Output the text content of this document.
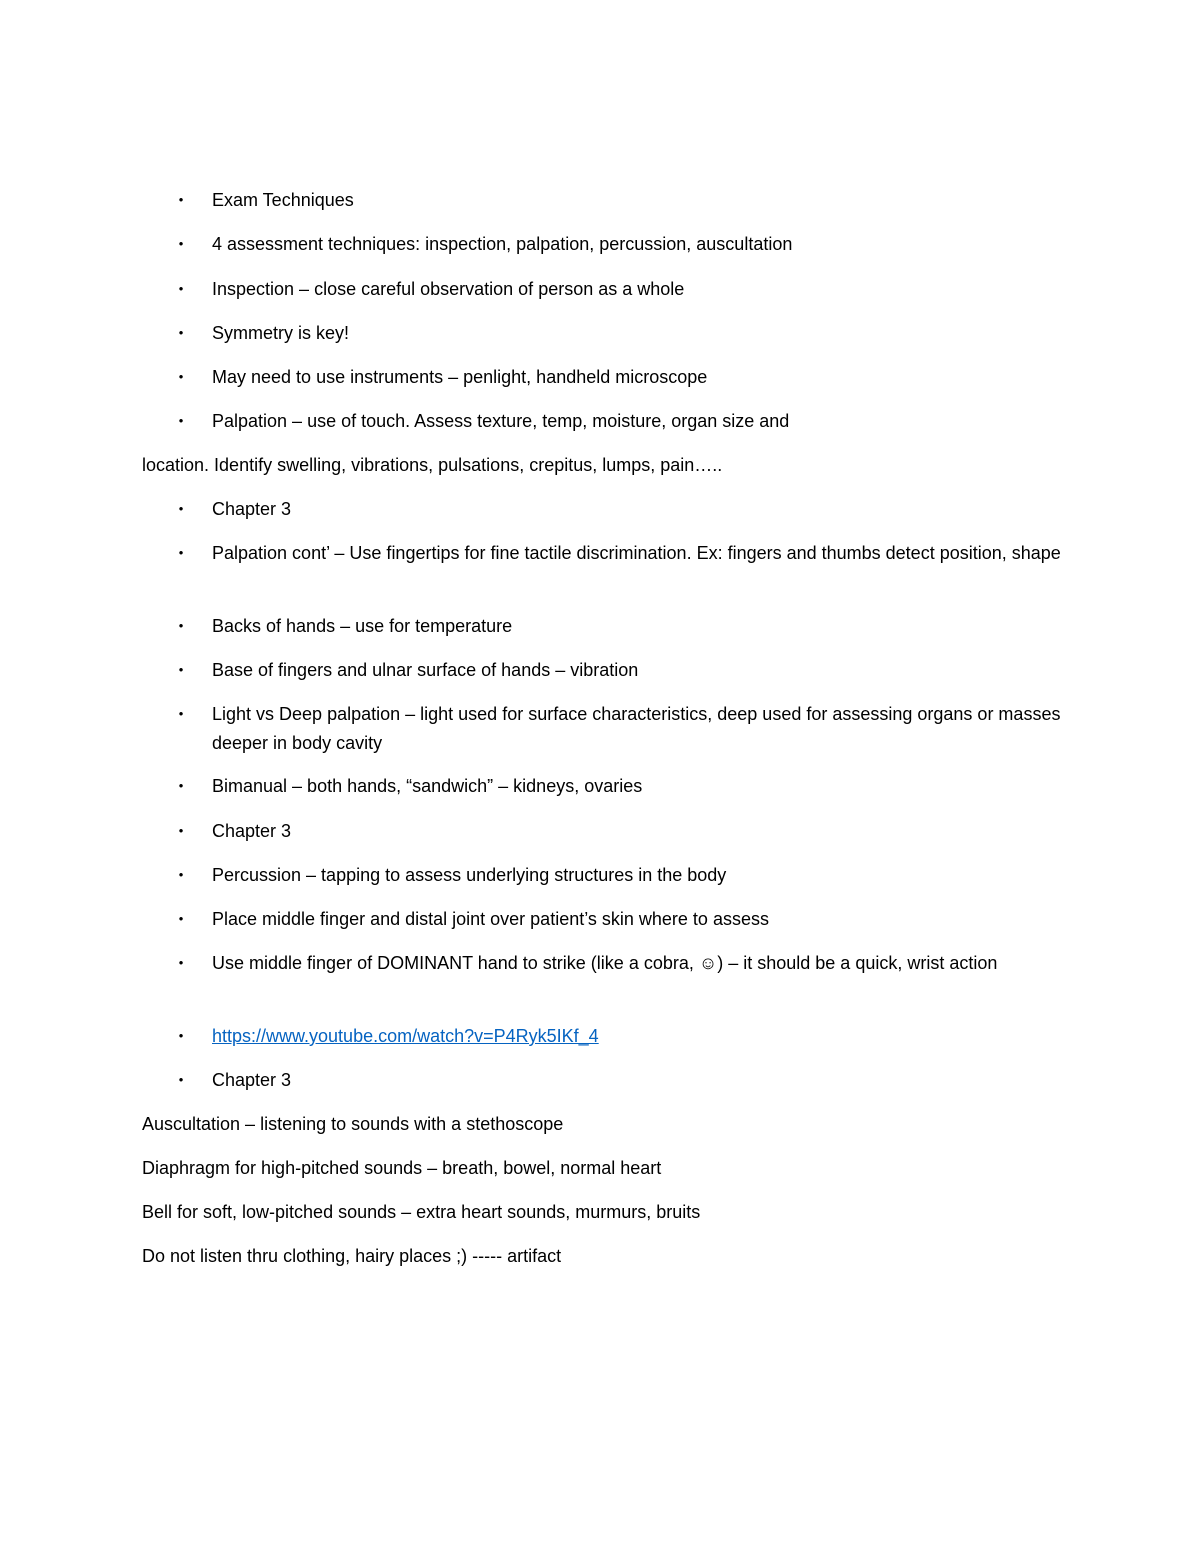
• Exam Techniques
• 4 assessment techniques: inspection, palpation, percussion, auscultation
• Inspection – close careful observation of person as a whole
• Symmetry is key!
• May need to use instruments – penlight, handheld microscope
• Palpation – use of touch. Assess texture, temp, moisture, organ size and
location. Identify swelling, vibrations, pulsations, crepitus, lumps, pain…..
• Chapter 3
• Palpation cont’ – Use fingertips for fine tactile discrimination. Ex: fingers and thumbs detect position, shape
• Backs of hands – use for temperature
• Base of fingers and ulnar surface of hands – vibration
• Light vs Deep palpation – light used for surface characteristics, deep used for assessing organs or masses deeper in body cavity
• Bimanual – both hands, “sandwich” – kidneys, ovaries
• Chapter 3
• Percussion – tapping to assess underlying structures in the body
• Place middle finger and distal joint over patient’s skin where to assess
• Use middle finger of DOMINANT hand to strike (like a cobra, ☺) – it should be a quick, wrist action
• https://www.youtube.com/watch?v=P4Ryk5IKf_4
• Chapter 3
Auscultation – listening to sounds with a stethoscope
Diaphragm for high-pitched sounds – breath, bowel, normal heart
Bell for soft, low-pitched sounds – extra heart sounds, murmurs, bruits
Do not listen thru clothing, hairy places ;) ----- artifact
